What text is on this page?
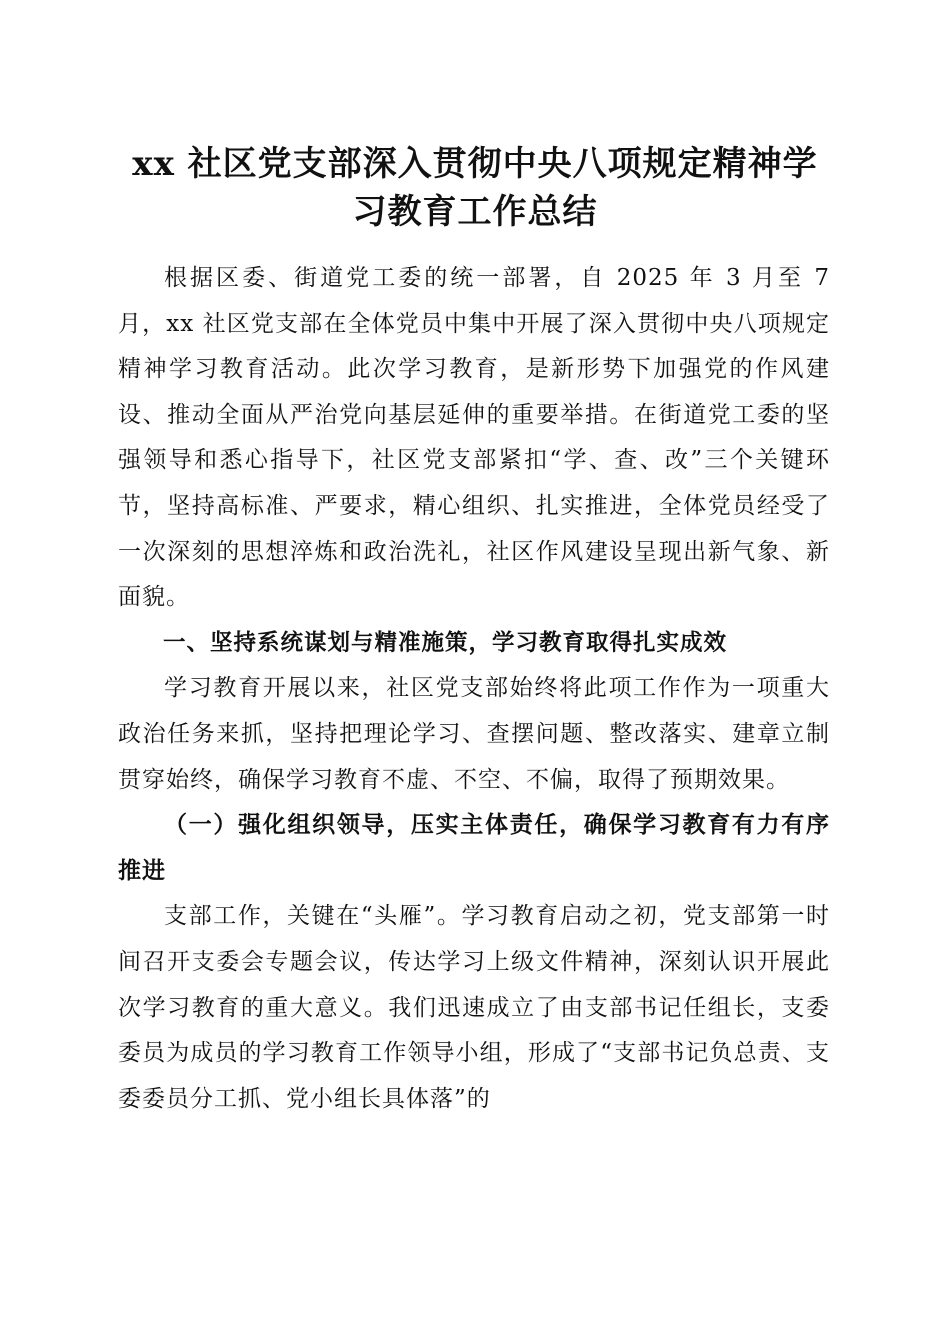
xx 社区党支部深入贯彻中央八项规定精神学
习教育工作总结

根据区委、街道党工委的统一部署，自 2025 年 3 月至 7 月，xx 社区党支部在全体党员中集中开展了深入贯彻中央八项规定精神学习教育活动。此次学习教育，是新形势下加强党的作风建设、推动全面从严治党向基层延伸的重要举措。在街道党工委的坚强领导和悉心指导下，社区党支部紧扣“学、查、改”三个关键环节，坚持高标准、严要求，精心组织、扎实推进，全体党员经受了一次深刻的思想淬炼和政治洗礼，社区作风建设呈现出新气象、新面貌。

一、坚持系统谋划与精准施策，学习教育取得扎实成效

学习教育开展以来，社区党支部始终将此项工作作为一项重大政治任务来抓，坚持把理论学习、查摆问题、整改落实、建章立制贯穿始终，确保学习教育不虚、不空、不偏，取得了预期效果。

（一）强化组织领导，压实主体责任，确保学习教育有力有序推进

支部工作，关键在“头雁”。学习教育启动之初，党支部第一时间召开支委会专题会议，传达学习上级文件精神，深刻认识开展此次学习教育的重大意义。我们迅速成立了由支部书记任组长，支委委员为成员的学习教育工作领导小组，形成了“支部书记负总责、支委委员分工抓、党小组长具体落”的
